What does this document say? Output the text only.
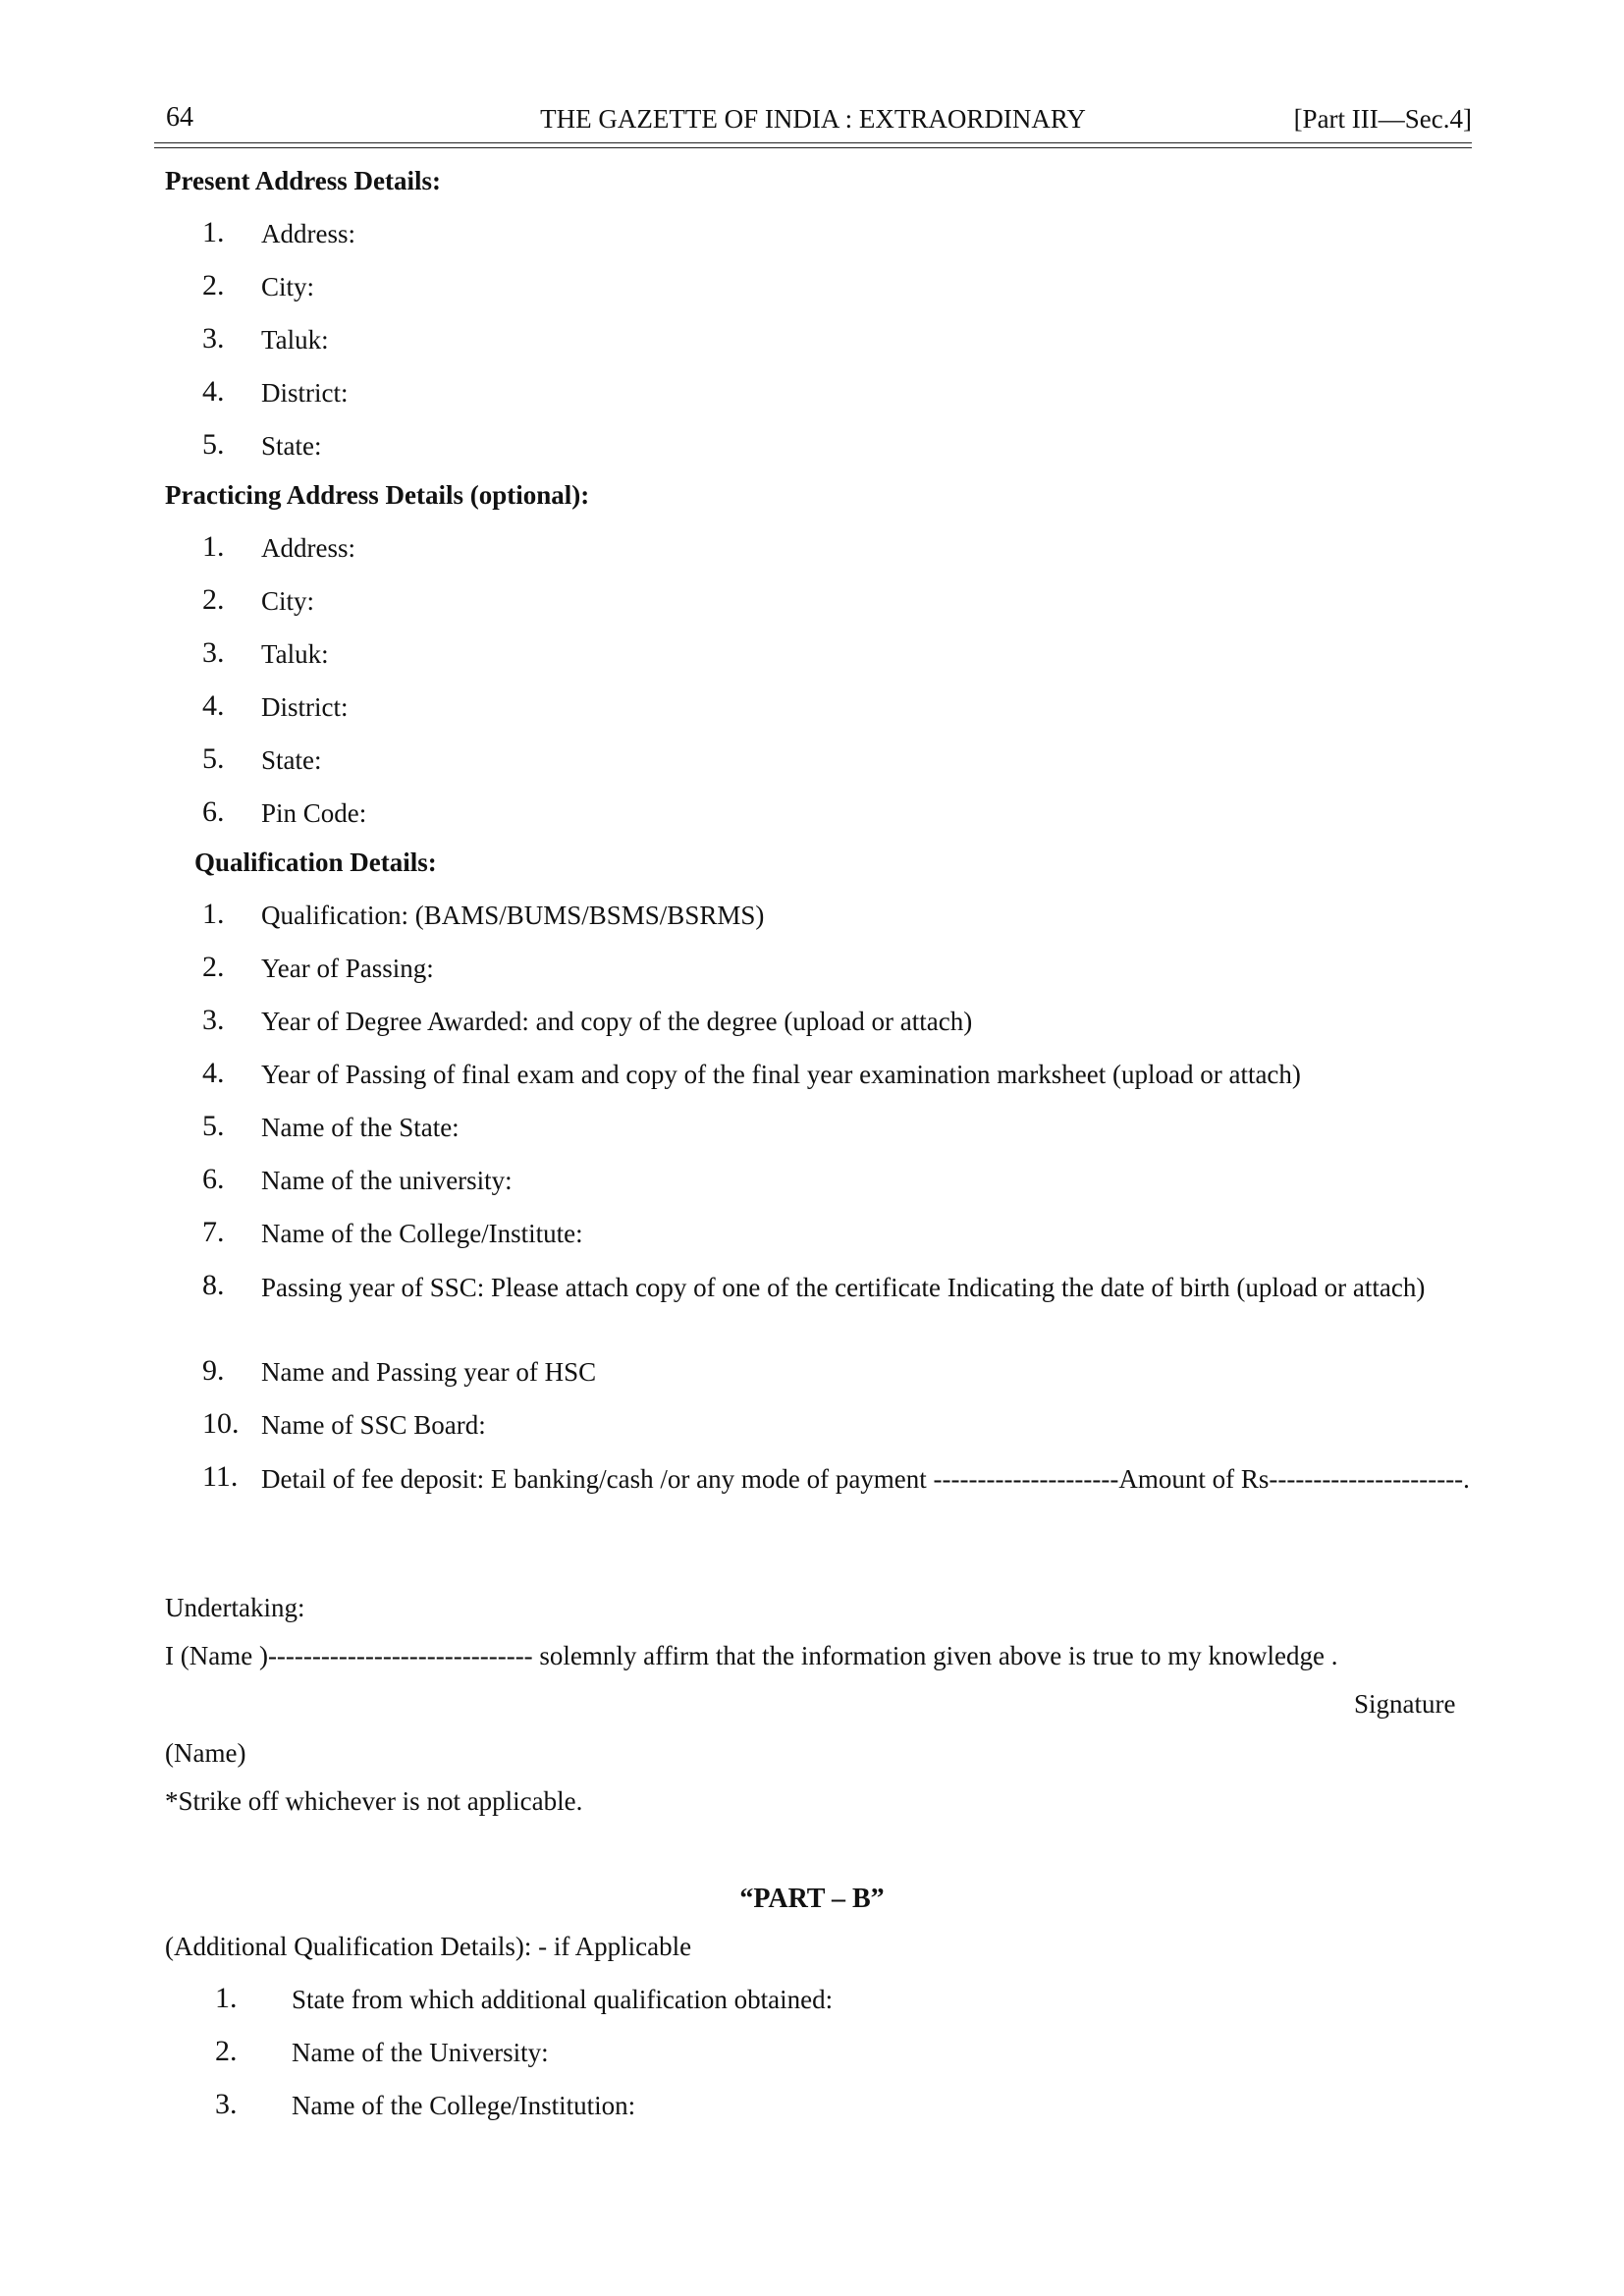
64	THE GAZETTE OF INDIA : EXTRAORDINARY	[Part III—Sec.4]
Present Address Details:
1. Address:
2. City:
3. Taluk:
4. District:
5. State:
Practicing Address Details (optional):
1. Address:
2. City:
3. Taluk:
4. District:
5. State:
6. Pin Code:
Qualification Details:
1. Qualification: (BAMS/BUMS/BSMS/BSRMS)
2. Year of Passing:
3. Year of Degree Awarded: and copy of the degree (upload or attach)
4. Year of Passing of final exam and copy of the final year examination marksheet (upload or attach)
5. Name of the State:
6. Name of the university:
7. Name of the College/Institute:
8. Passing year of SSC: Please attach copy of one of the certificate Indicating the date of birth (upload or attach)
9. Name and Passing year of HSC
10. Name of SSC Board:
11. Detail of fee deposit: E banking/cash /or any mode of payment ---------------------Amount of Rs----------------------.
Undertaking:
I (Name )------------------------------ solemnly affirm that the information given above is true to my knowledge .
Signature
(Name)
*Strike off whichever is not applicable.
“PART – B”
(Additional Qualification Details): - if Applicable
1. State from which additional qualification obtained:
2. Name of the University:
3. Name of the College/Institution:
